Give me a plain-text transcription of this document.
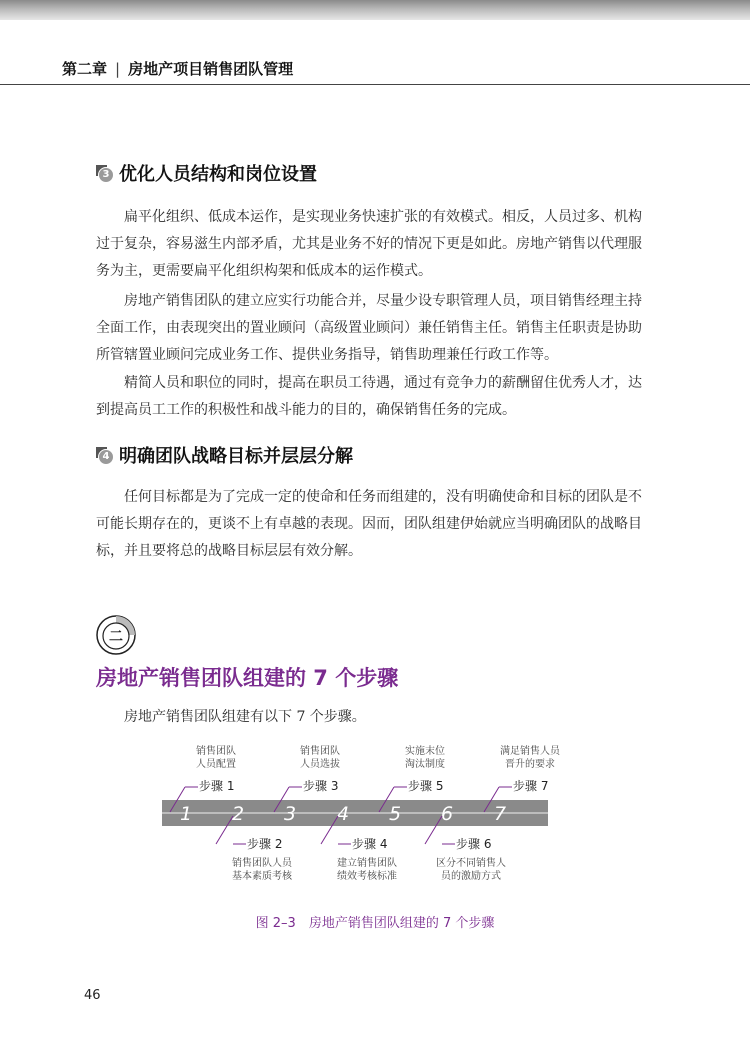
第二章 | 房地产项目销售团队管理
3 优化人员结构和岗位设置

扁平化组织、低成本运作，是实现业务快速扩张的有效模式。相反，人员过多、机构过于复杂，容易滋生内部矛盾，尤其是业务不好的情况下更是如此。房地产销售以代理服务为主，更需要扁平化组织构架和低成本的运作模式。

房地产销售团队的建立应实行功能合并，尽量少设专职管理人员，项目销售经理主持全面工作，由表现突出的置业顾问（高级置业顾问）兼任销售主任。销售主任职责是协助所管辖置业顾问完成业务工作、提供业务指导，销售助理兼任行政工作等。

精简人员和职位的同时，提高在职员工待遇，通过有竞争力的薪酬留住优秀人才，达到提高员工工作的积极性和战斗能力的目的，确保销售任务的完成。

4 明确团队战略目标并层层分解

任何目标都是为了完成一定的使命和任务而组建的，没有明确使命和目标的团队是不可能长期存在的，更谈不上有卓越的表现。因而，团队组建伊始就应当明确团队的战略目标，并且要将总的战略目标层层有效分解。

二
房地产销售团队组建的 7 个步骤
房地产销售团队组建有以下 7 个步骤。
1 2 3 4 5 6 7
步骤 1
销售团队
人员配置
步骤 3
销售团队
人员选拔
步骤 5
实施末位
淘汰制度
步骤 7
满足销售人员
晋升的要求
步骤 2
销售团队人员
基本素质考核
步骤 4
建立销售团队
绩效考核标准
步骤 6
区分不同销售人
员的激励方式
图 2–3　房地产销售团队组建的 7 个步骤
46
